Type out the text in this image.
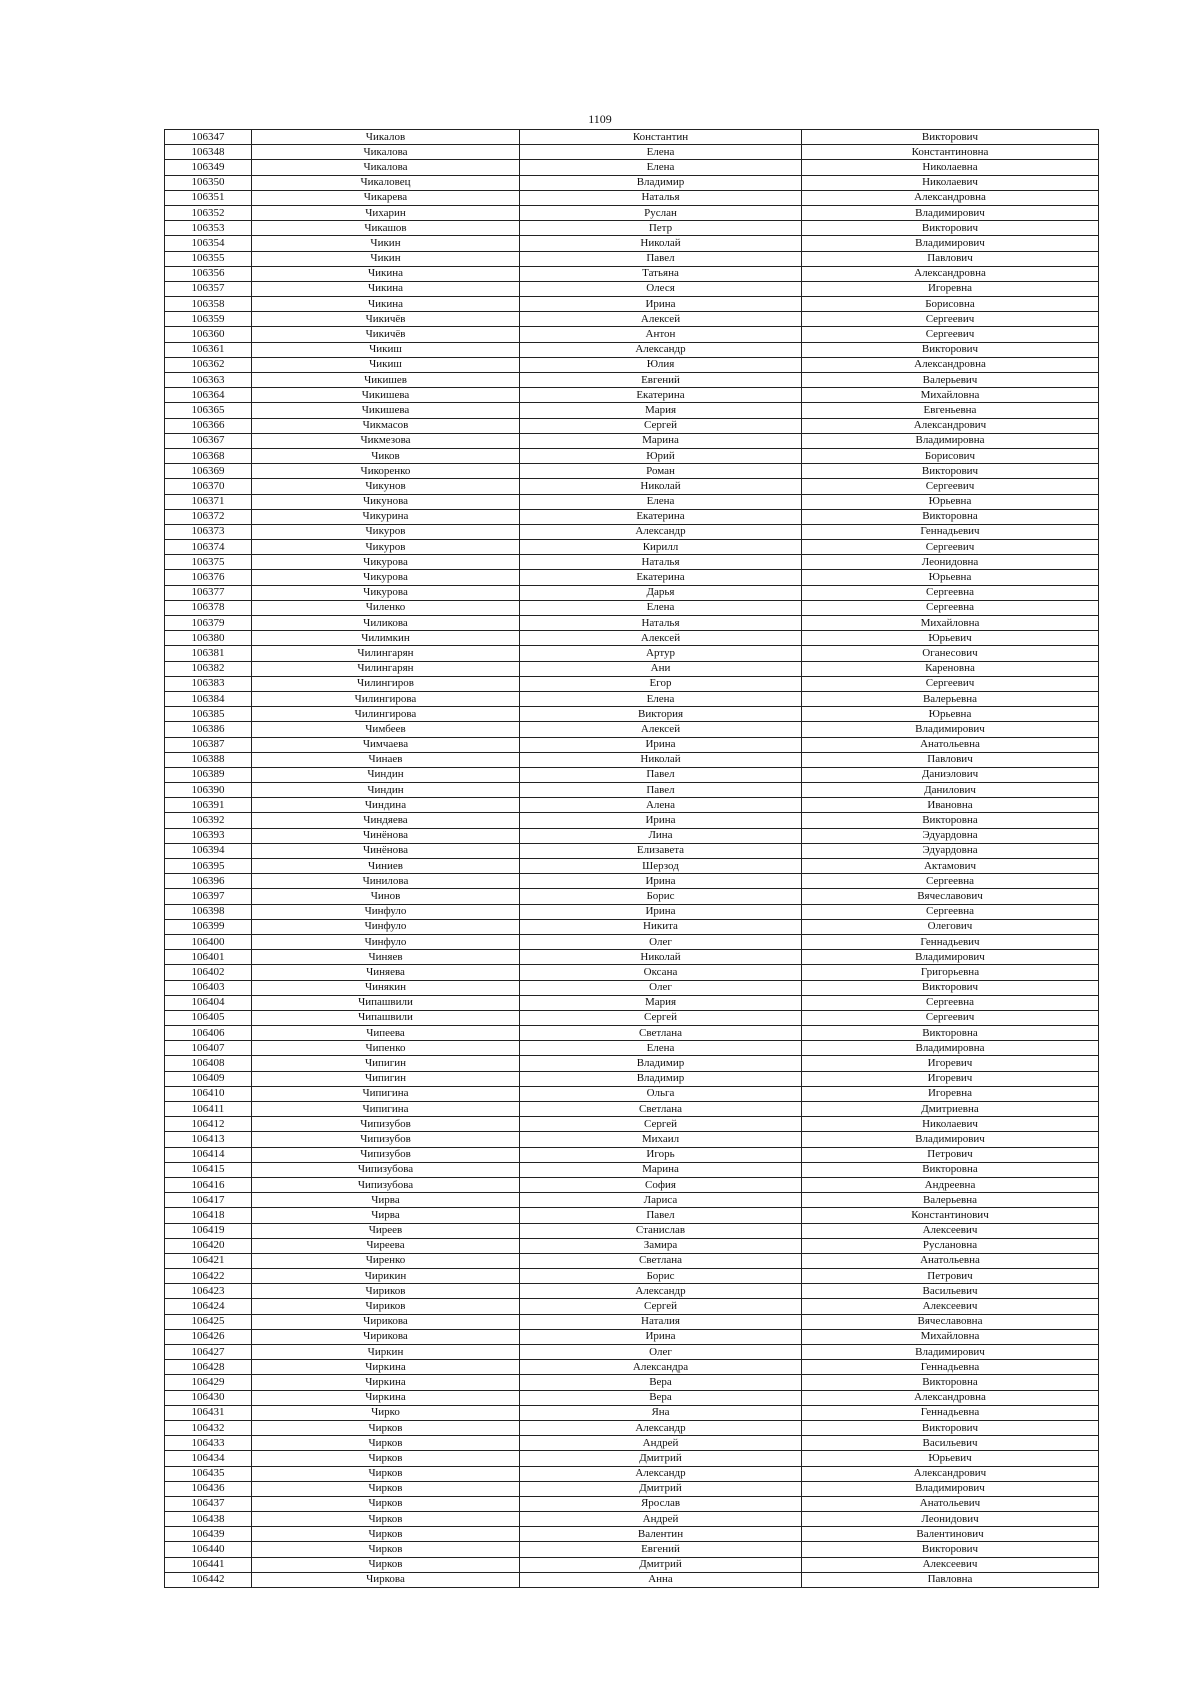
1109
106347	Чикалов	Константин	Викторович
106348	Чикалова	Елена	Константиновна
106349	Чикалова	Елена	Николаевна
106350	Чикаловец	Владимир	Николаевич
106351	Чикарева	Наталья	Александровна
106352	Чихарин	Руслан	Владимирович
106353	Чикашов	Петр	Викторович
106354	Чикин	Николай	Владимирович
106355	Чикин	Павел	Павлович
106356	Чикина	Татьяна	Александровна
106357	Чикина	Олеся	Игоревна
106358	Чикина	Ирина	Борисовна
106359	Чикичёв	Алексей	Сергеевич
106360	Чикичёв	Антон	Сергеевич
106361	Чикиш	Александр	Викторович
106362	Чикиш	Юлия	Александровна
106363	Чикишев	Евгений	Валерьевич
106364	Чикишева	Екатерина	Михайловна
106365	Чикишева	Мария	Евгеньевна
106366	Чикмасов	Сергей	Александрович
106367	Чикмезова	Марина	Владимировна
106368	Чиков	Юрий	Борисович
106369	Чикоренко	Роман	Викторович
106370	Чикунов	Николай	Сергеевич
106371	Чикунова	Елена	Юрьевна
106372	Чикурина	Екатерина	Викторовна
106373	Чикуров	Александр	Геннадьевич
106374	Чикуров	Кирилл	Сергеевич
106375	Чикурова	Наталья	Леонидовна
106376	Чикурова	Екатерина	Юрьевна
106377	Чикурова	Дарья	Сергеевна
106378	Чиленко	Елена	Сергеевна
106379	Чиликова	Наталья	Михайловна
106380	Чилимкин	Алексей	Юрьевич
106381	Чилингарян	Артур	Оганесович
106382	Чилингарян	Ани	Кареновна
106383	Чилингиров	Егор	Сергеевич
106384	Чилингирова	Елена	Валерьевна
106385	Чилингирова	Виктория	Юрьевна
106386	Чимбеев	Алексей	Владимирович
106387	Чимчаева	Ирина	Анатольевна
106388	Чинаев	Николай	Павлович
106389	Чиндин	Павел	Даниэлович
106390	Чиндин	Павел	Данилович
106391	Чиндина	Алена	Ивановна
106392	Чиндяева	Ирина	Викторовна
106393	Чинёнова	Лина	Эдуардовна
106394	Чинёнова	Елизавета	Эдуардовна
106395	Чиниев	Шерзод	Актамович
106396	Чинилова	Ирина	Сергеевна
106397	Чинов	Борис	Вячеславович
106398	Чинфуло	Ирина	Сергеевна
106399	Чинфуло	Никита	Олегович
106400	Чинфуло	Олег	Геннадьевич
106401	Чиняев	Николай	Владимирович
106402	Чиняева	Оксана	Григорьевна
106403	Чинякин	Олег	Викторович
106404	Чипашвили	Мария	Сергеевна
106405	Чипашвили	Сергей	Сергеевич
106406	Чипеева	Светлана	Викторовна
106407	Чипенко	Елена	Владимировна
106408	Чипигин	Владимир	Игоревич
106409	Чипигин	Владимир	Игоревич
106410	Чипигина	Ольга	Игоревна
106411	Чипигина	Светлана	Дмитриевна
106412	Чипизубов	Сергей	Николаевич
106413	Чипизубов	Михаил	Владимирович
106414	Чипизубов	Игорь	Петрович
106415	Чипизубова	Марина	Викторовна
106416	Чипизубова	София	Андреевна
106417	Чирва	Лариса	Валерьевна
106418	Чирва	Павел	Константинович
106419	Чиреев	Станислав	Алексеевич
106420	Чиреева	Замира	Руслановна
106421	Чиренко	Светлана	Анатольевна
106422	Чирикин	Борис	Петрович
106423	Чириков	Александр	Васильевич
106424	Чириков	Сергей	Алексеевич
106425	Чирикова	Наталия	Вячеславовна
106426	Чирикова	Ирина	Михайловна
106427	Чиркин	Олег	Владимирович
106428	Чиркина	Александра	Геннадьевна
106429	Чиркина	Вера	Викторовна
106430	Чиркина	Вера	Александровна
106431	Чирко	Яна	Геннадьевна
106432	Чирков	Александр	Викторович
106433	Чирков	Андрей	Васильевич
106434	Чирков	Дмитрий	Юрьевич
106435	Чирков	Александр	Александрович
106436	Чирков	Дмитрий	Владимирович
106437	Чирков	Ярослав	Анатольевич
106438	Чирков	Андрей	Леонидович
106439	Чирков	Валентин	Валентинович
106440	Чирков	Евгений	Викторович
106441	Чирков	Дмитрий	Алексеевич
106442	Чиркова	Анна	Павловна
